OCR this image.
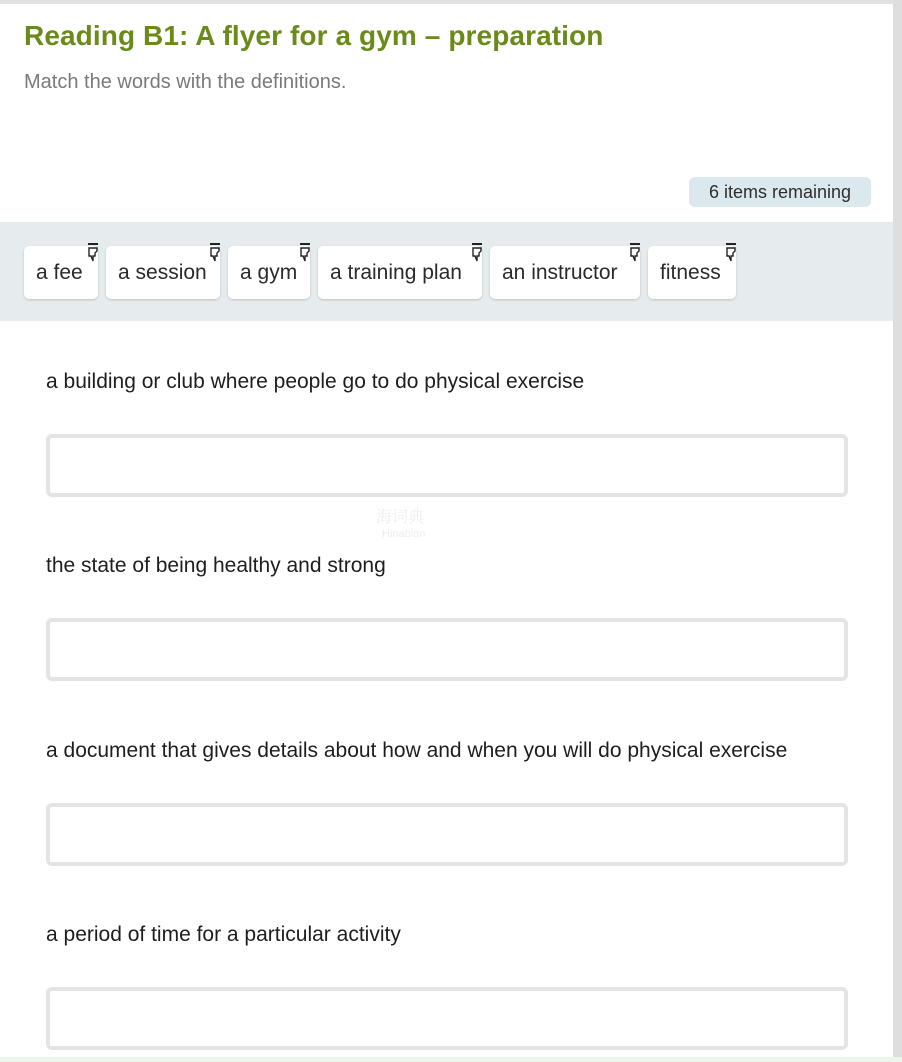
Reading B1: A flyer for a gym – preparation
Match the words with the definitions.
6 items remaining
a fee a session a gym a training plan an instructor fitness
a building or club where people go to do physical exercise
the state of being healthy and strong
a document that gives details about how and when you will do physical exercise
a period of time for a particular activity
海词典
Hinabian
